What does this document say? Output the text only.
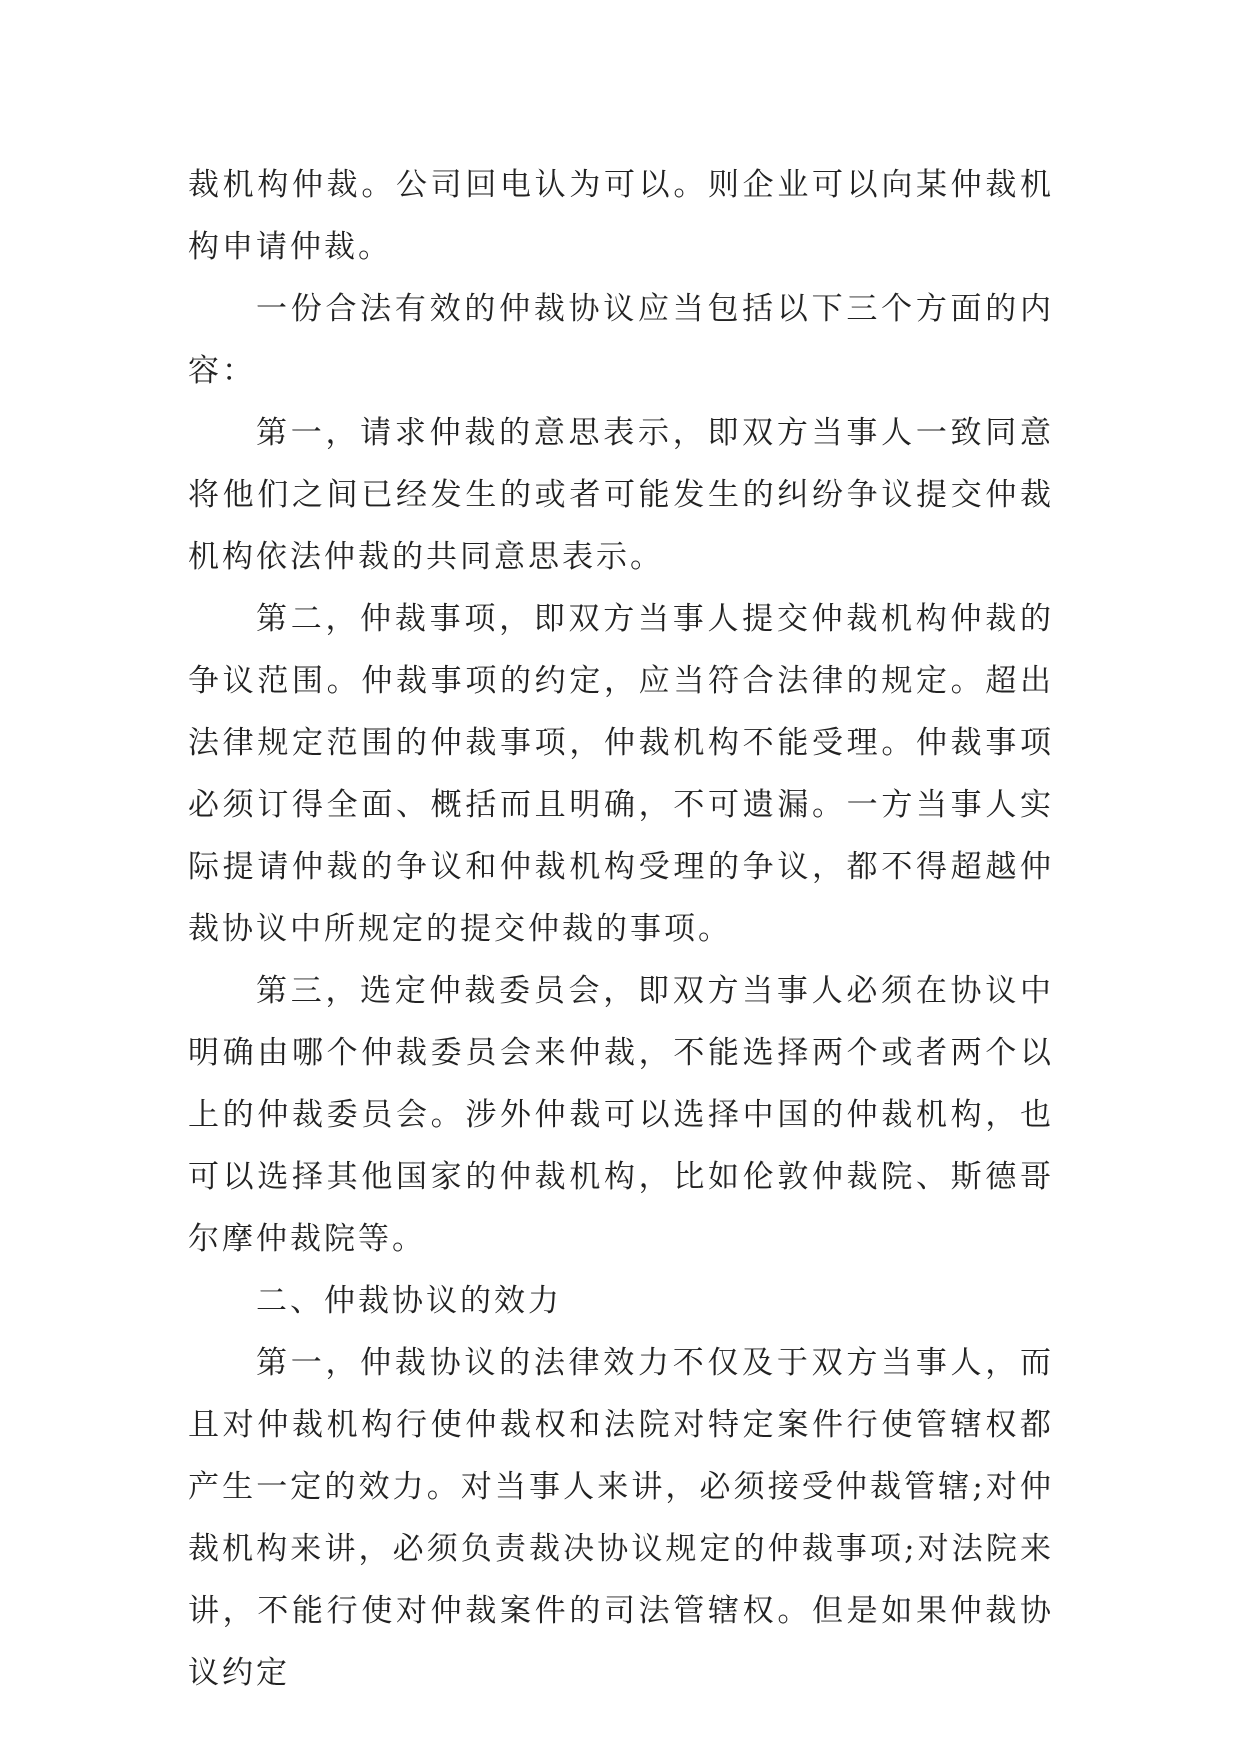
裁机构仲裁。公司回电认为可以。则企业可以向某仲裁机构申请仲裁。

一份合法有效的仲裁协议应当包括以下三个方面的内容：

第一，请求仲裁的意思表示，即双方当事人一致同意将他们之间已经发生的或者可能发生的纠纷争议提交仲裁机构依法仲裁的共同意思表示。

第二，仲裁事项，即双方当事人提交仲裁机构仲裁的争议范围。仲裁事项的约定，应当符合法律的规定。超出法律规定范围的仲裁事项，仲裁机构不能受理。仲裁事项必须订得全面、概括而且明确，不可遗漏。一方当事人实际提请仲裁的争议和仲裁机构受理的争议，都不得超越仲裁协议中所规定的提交仲裁的事项。

第三，选定仲裁委员会，即双方当事人必须在协议中明确由哪个仲裁委员会来仲裁，不能选择两个或者两个以上的仲裁委员会。涉外仲裁可以选择中国的仲裁机构，也可以选择其他国家的仲裁机构，比如伦敦仲裁院、斯德哥尔摩仲裁院等。

二、仲裁协议的效力

第一，仲裁协议的法律效力不仅及于双方当事人，而且对仲裁机构行使仲裁权和法院对特定案件行使管辖权都产生一定的效力。对当事人来讲，必须接受仲裁管辖;对仲裁机构来讲，必须负责裁决协议规定的仲裁事项;对法院来讲，不能行使对仲裁案件的司法管辖权。但是如果仲裁协议约定
